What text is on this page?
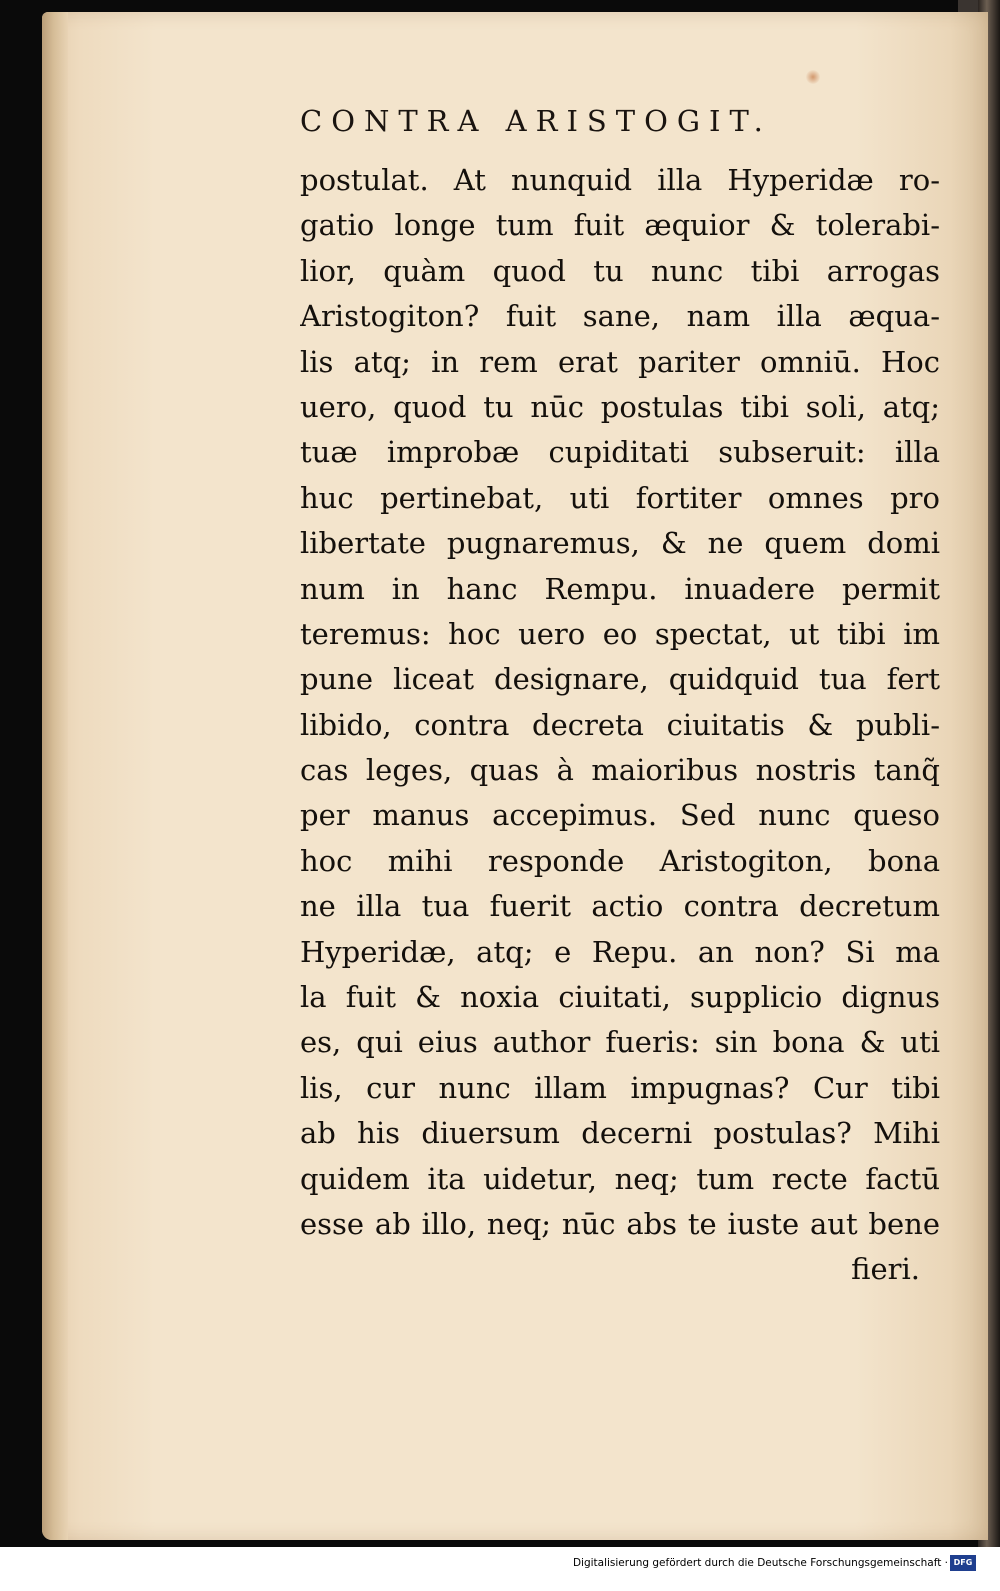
CONTRA ARISTOGIT.
postulat. At nunquid illa Hyperidæ ro-
gatio longe tum fuit æquior & tolerabi-
lior, quàm quod tu nunc tibi arrogas
Aristogiton? fuit sane, nam illa æqua-
lis atq; in rem erat pariter omniū. Hoc
uero, quod tu nūc postulas tibi soli, atq;
tuæ improbæ cupiditati subseruit: illa
huc pertinebat, uti fortiter omnes pro
libertate pugnaremus, & ne quem domi
num in hanc Rempu. inuadere permit
teremus: hoc uero eo spectat, ut tibi im
pune liceat designare, quidquid tua fert
libido, contra decreta ciuitatis & publi-
cas leges, quas à maioribus nostris tanq̃
per manus accepimus. Sed nunc queso
hoc mihi responde Aristogiton, bona
ne illa tua fuerit actio contra decretum
Hyperidæ, atq; e Repu. an non? Si ma
la fuit & noxia ciuitati, supplicio dignus
es, qui eius author fueris: sin bona & uti
lis, cur nunc illam impugnas? Cur tibi
ab his diuersum decerni postulas? Mihi
quidem ita uidetur, neq; tum recte factū
esse ab illo, neq; nūc abs te iuste aut bene
fieri.
Digitalisierung gefördert durch die Deutsche Forschungsgemeinschaft · DFG
